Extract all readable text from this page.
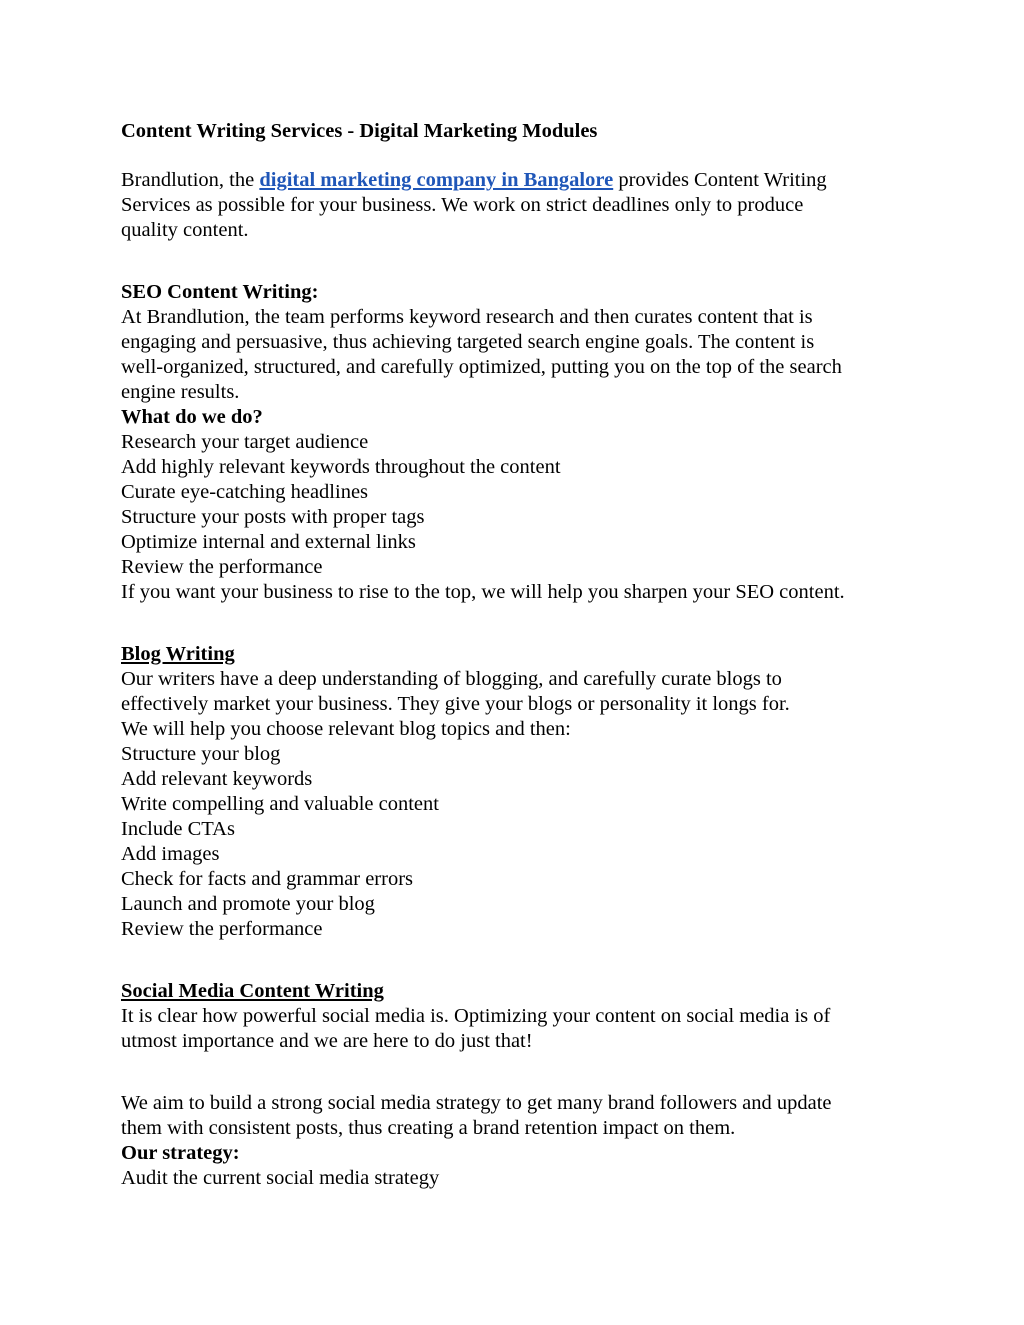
Content Writing Services - Digital Marketing Modules
Brandlution, the digital marketing company in Bangalore provides Content Writing
Services as possible for your business. We work on strict deadlines only to produce
quality content.
SEO Content Writing:
At Brandlution, the team performs keyword research and then curates content that is
engaging and persuasive, thus achieving targeted search engine goals. The content is
well-organized, structured, and carefully optimized, putting you on the top of the search
engine results.
What do we do?
Research your target audience
Add highly relevant keywords throughout the content
Curate eye-catching headlines
Structure your posts with proper tags
Optimize internal and external links
Review the performance
If you want your business to rise to the top, we will help you sharpen your SEO content.
Blog Writing
Our writers have a deep understanding of blogging, and carefully curate blogs to
effectively market your business. They give your blogs or personality it longs for.
We will help you choose relevant blog topics and then:
Structure your blog
Add relevant keywords
Write compelling and valuable content
Include CTAs
Add images
Check for facts and grammar errors
Launch and promote your blog
Review the performance
Social Media Content Writing
It is clear how powerful social media is. Optimizing your content on social media is of
utmost importance and we are here to do just that!
We aim to build a strong social media strategy to get many brand followers and update
them with consistent posts, thus creating a brand retention impact on them.
Our strategy:
Audit the current social media strategy
